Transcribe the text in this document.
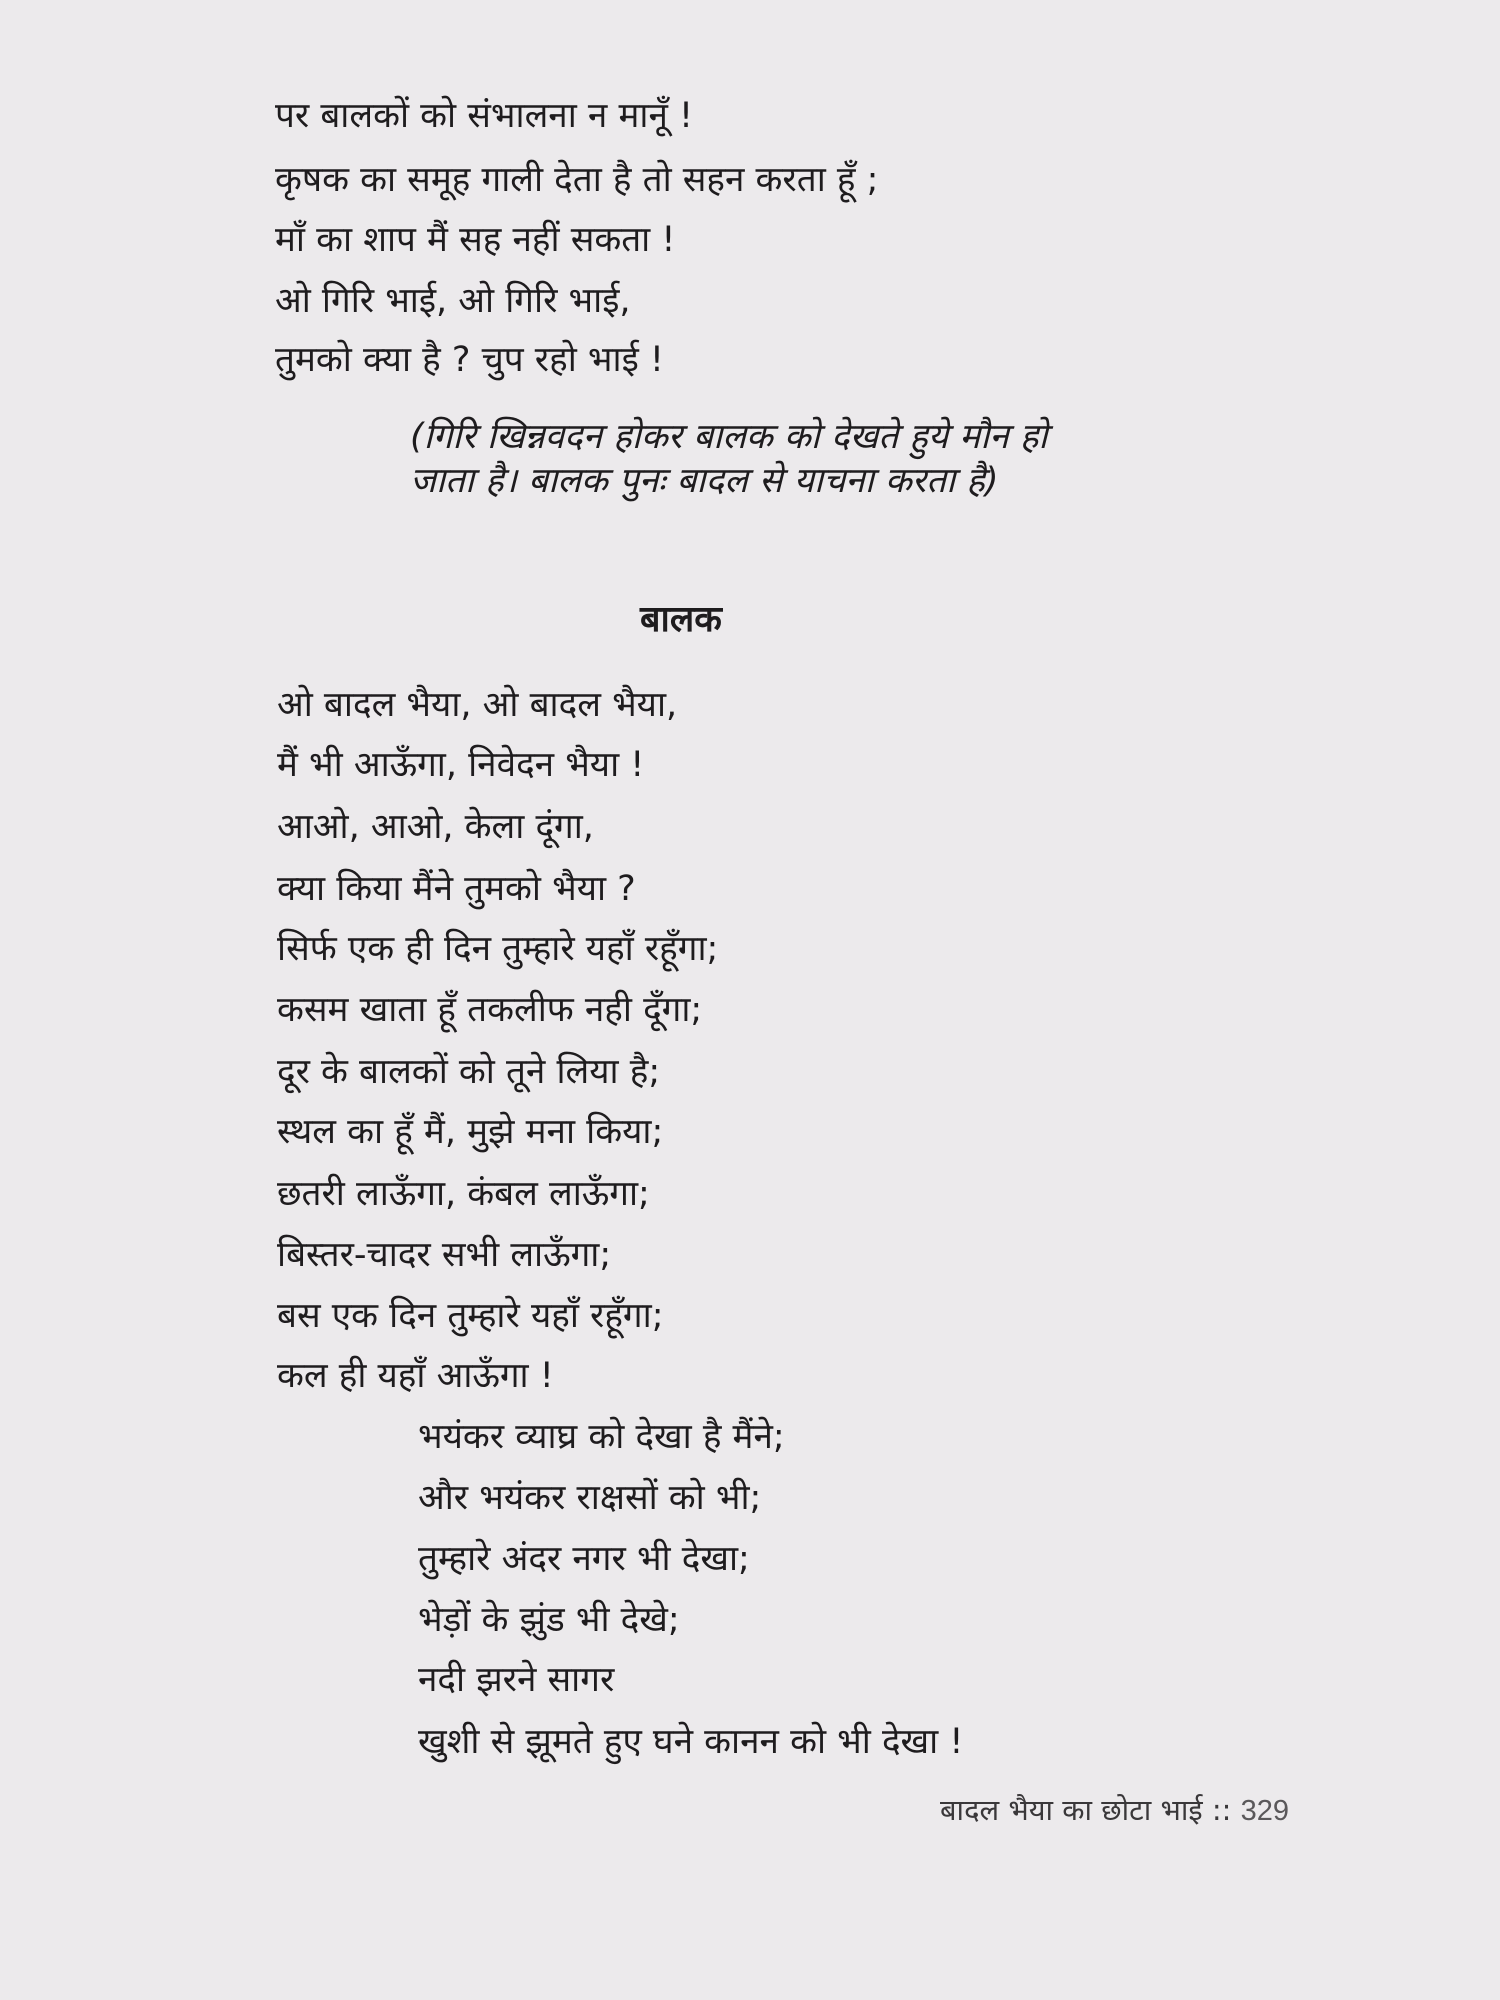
पर बालकों को संभालना न मानूँ !
कृषक का समूह गाली देता है तो सहन करता हूँ ;
माँ का शाप मैं सह नहीं सकता !
ओ गिरि भाई, ओ गिरि भाई,
तुमको क्या है ? चुप रहो भाई !
(गिरि खिन्नवदन होकर बालक को देखते हुये मौन हो
जाता है। बालक पुनः बादल से याचना करता है)
बालक
ओ बादल भैया, ओ बादल भैया,
मैं भी आऊँगा, निवेदन भैया !
आओ, आओ, केला दूंगा,
क्या किया मैंने तुमको भैया ?
सिर्फ एक ही दिन तुम्हारे यहाँ रहूँगा;
कसम खाता हूँ तकलीफ नही दूँगा;
दूर के बालकों को तूने लिया है;
स्थल का हूँ मैं, मुझे मना किया;
छतरी लाऊँगा, कंबल लाऊँगा;
बिस्तर-चादर सभी लाऊँगा;
बस एक दिन तुम्हारे यहाँ रहूँगा;
कल ही यहाँ आऊँगा !
भयंकर व्याघ्र को देखा है मैंने;
और भयंकर राक्षसों को भी;
तुम्हारे अंदर नगर भी देखा;
भेड़ों के झुंड भी देखे;
नदी झरने सागर
खुशी से झूमते हुए घने कानन को भी देखा !
बादल भैया का छोटा भाई :: 329
